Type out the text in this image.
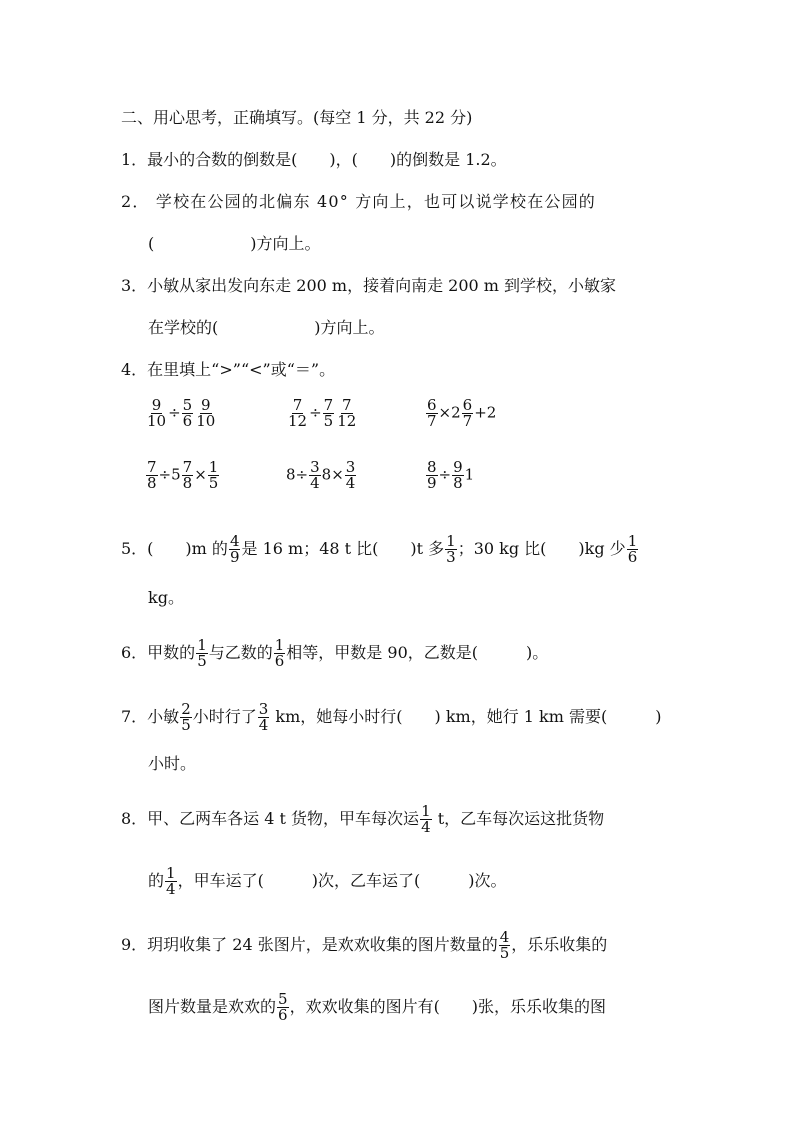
二、用心思考，正确填写。(每空 1 分，共 22 分)
1．最小的合数的倒数是(　　)，(　　)的倒数是 1.2。
2． 学校在公园的北偏东 40° 方向上，也可以说学校在公园的
(　　　　　　)方向上。
3．小敏从家出发向东走 200 m，接着向南走 200 m 到学校，小敏家
在学校的(　　　　　　)方向上。
4．在里填上“>”“<”或“＝”。
$\frac{9}{10} \div \frac{5}{6} \frac{9}{10}$	$\frac{7}{12} \div \frac{7}{5} \frac{7}{12}$	$\frac{6}{7} \times 2 \frac{6}{7} +2$
$\frac{7}{8} \div 5 \frac{7}{8} \times \frac{1}{5}$	$8\div \frac{3}{4} 8\times \frac{3}{4}$	$\frac{8}{9} \div \frac{9}{8} 1$
5．(　　)m 的 $\frac{4}{9}$ 是 16 m；48 t 比(　　)t 多 $\frac{1}{3}$ ；30 kg 比(　　)kg 少 $\frac{1}{6}$
kg。
6．甲数的 $\frac{1}{5}$ 与乙数的 $\frac{1}{6}$ 相等，甲数是 90，乙数是(　　　)。
7．小敏 $\frac{2}{5}$ 小时行了 $\frac{3}{4}$ km，她每小时行(　　) km，她行 1 km 需要(　　　)
小时。
8．甲、乙两车各运 4 t 货物，甲车每次运 $\frac{1}{4}$ t，乙车每次运这批货物
的 $\frac{1}{4}$ ，甲车运了(　　　)次，乙车运了(　　　)次。
9．玥玥收集了 24 张图片，是欢欢收集的图片数量的 $\frac{4}{5}$ ，乐乐收集的
图片数量是欢欢的 $\frac{5}{6}$ ，欢欢收集的图片有(　　)张，乐乐收集的图
